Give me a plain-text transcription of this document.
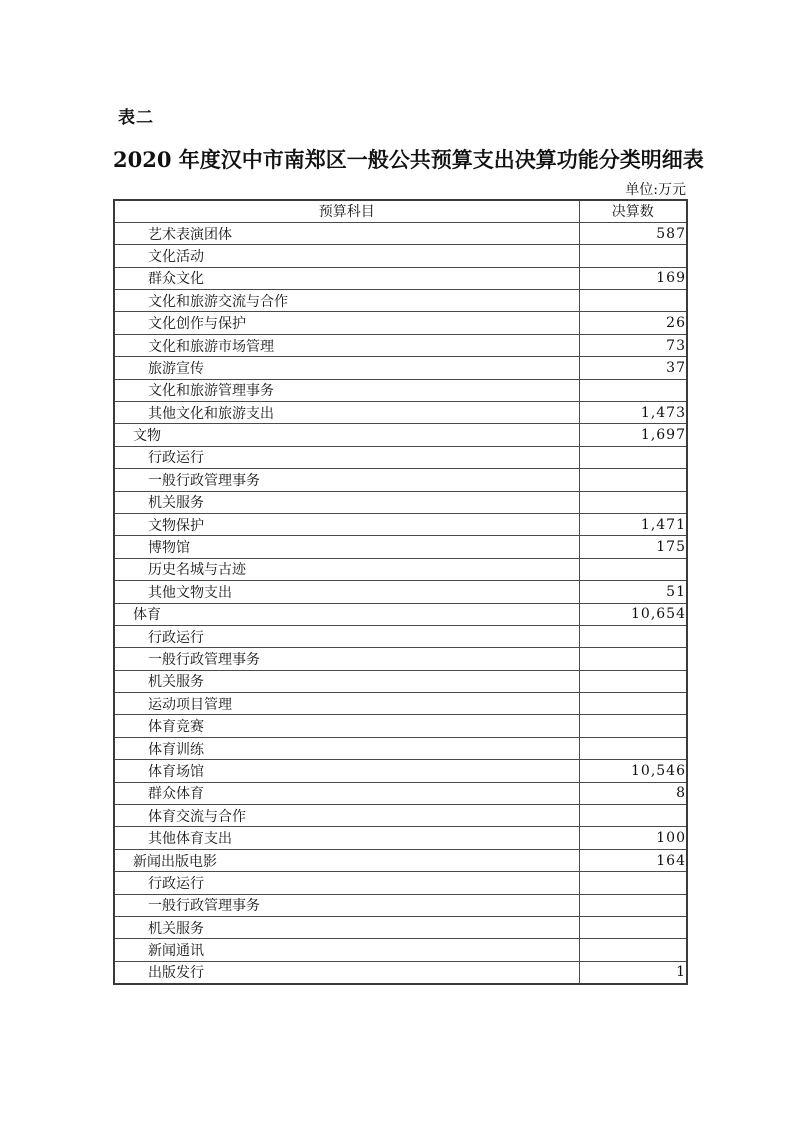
表二
2020 年度汉中市南郑区一般公共预算支出决算功能分类明细表
单位:万元
预算科目	决算数
艺术表演团体	587
文化活动	
群众文化	169
文化和旅游交流与合作	
文化创作与保护	26
文化和旅游市场管理	73
旅游宣传	37
文化和旅游管理事务	
其他文化和旅游支出	1,473
文物	1,697
行政运行	
一般行政管理事务	
机关服务	
文物保护	1,471
博物馆	175
历史名城与古迹	
其他文物支出	51
体育	10,654
行政运行	
一般行政管理事务	
机关服务	
运动项目管理	
体育竞赛	
体育训练	
体育场馆	10,546
群众体育	8
体育交流与合作	
其他体育支出	100
新闻出版电影	164
行政运行	
一般行政管理事务	
机关服务	
新闻通讯	
出版发行	1
